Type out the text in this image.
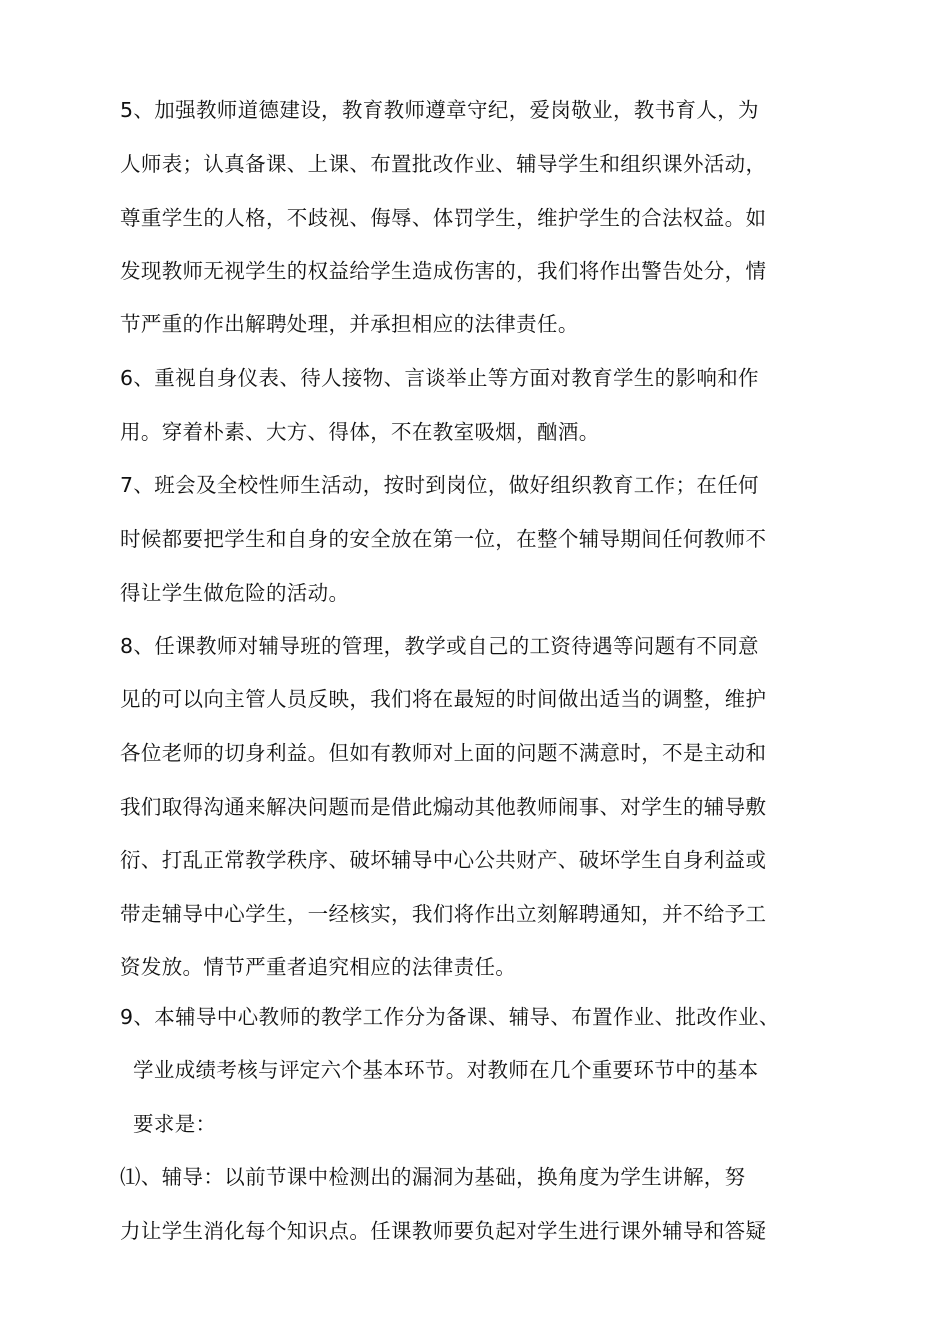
5、加强教师道德建设，教育教师遵章守纪，爱岗敬业，教书育人，为
人师表；认真备课、上课、布置批改作业、辅导学生和组织课外活动，
尊重学生的人格，不歧视、侮辱、体罚学生，维护学生的合法权益。如
发现教师无视学生的权益给学生造成伤害的，我们将作出警告处分，情
节严重的作出解聘处理，并承担相应的法律责任。
6、重视自身仪表、待人接物、言谈举止等方面对教育学生的影响和作
用。穿着朴素、大方、得体，不在教室吸烟，酗酒。
7、班会及全校性师生活动，按时到岗位，做好组织教育工作；在任何
时候都要把学生和自身的安全放在第一位，在整个辅导期间任何教师不
得让学生做危险的活动。
8、任课教师对辅导班的管理，教学或自己的工资待遇等问题有不同意
见的可以向主管人员反映，我们将在最短的时间做出适当的调整，维护
各位老师的切身利益。但如有教师对上面的问题不满意时，不是主动和
我们取得沟通来解决问题而是借此煽动其他教师闹事、对学生的辅导敷
衍、打乱正常教学秩序、破坏辅导中心公共财产、破坏学生自身利益或
带走辅导中心学生，一经核实，我们将作出立刻解聘通知，并不给予工
资发放。情节严重者追究相应的法律责任。
9、本辅导中心教师的教学工作分为备课、辅导、布置作业、批改作业、
学业成绩考核与评定六个基本环节。对教师在几个重要环节中的基本
要求是：
⑴、辅导：以前节课中检测出的漏洞为基础，换角度为学生讲解，努
力让学生消化每个知识点。任课教师要负起对学生进行课外辅导和答疑
